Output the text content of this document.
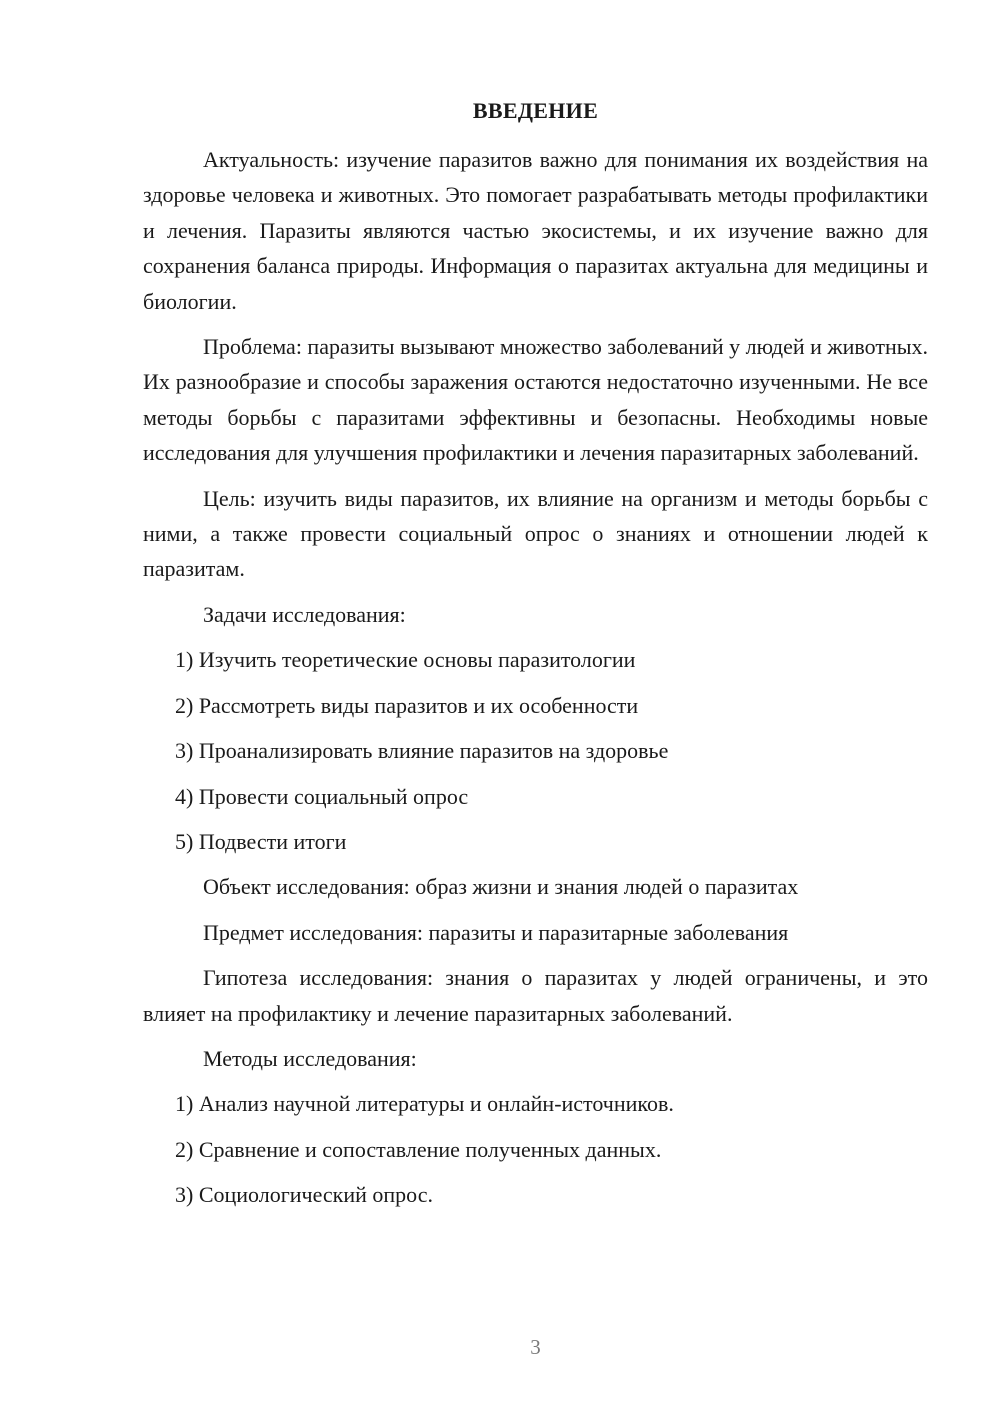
ВВЕДЕНИЕ

Актуальность: изучение паразитов важно для понимания их воздействия на здоровье человека и животных. Это помогает разрабатывать методы профилактики и лечения. Паразиты являются частью экосистемы, и их изучение важно для сохранения баланса природы. Информация о паразитах актуальна для медицины и биологии.

Проблема: паразиты вызывают множество заболеваний у людей и животных. Их разнообразие и способы заражения остаются недостаточно изученными. Не все методы борьбы с паразитами эффективны и безопасны. Необходимы новые исследования для улучшения профилактики и лечения паразитарных заболеваний.

Цель: изучить виды паразитов, их влияние на организм и методы борьбы с ними, а также провести социальный опрос о знаниях и отношении людей к паразитам.

Задачи исследования:

1) Изучить теоретические основы паразитологии

2) Рассмотреть виды паразитов и их особенности

3) Проанализировать влияние паразитов на здоровье

4) Провести социальный опрос

5) Подвести итоги

Объект исследования: образ жизни и знания людей о паразитах

Предмет исследования: паразиты и паразитарные заболевания

Гипотеза исследования: знания о паразитах у людей ограничены, и это влияет на профилактику и лечение паразитарных заболеваний.

Методы исследования:

1) Анализ научной литературы и онлайн-источников.

2) Сравнение и сопоставление полученных данных.

3) Социологический опрос.

3
